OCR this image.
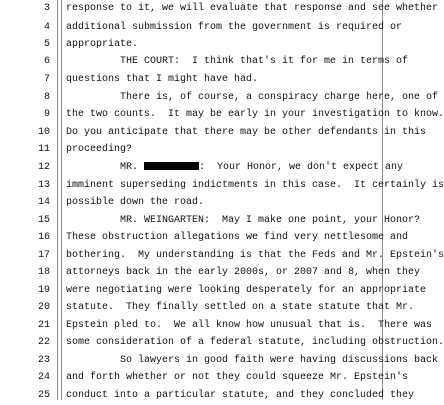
3 response to it, we will evaluate that response and see whether
4 additional submission from the government is required or
5 appropriate.
6 THE COURT:  I think that's it for me in terms of
7 questions that I might have had.
8 There is, of course, a conspiracy charge here, one of
9 the two counts.  It may be early in your investigation to know.
10 Do you anticipate that there may be other defendants in this
11 proceeding?
12 MR.	:  Your Honor, we don't expect any
13 imminent superseding indictments in this case.  It certainly is
14 possible down the road.
15 MR. WEINGARTEN:  May I make one point, your Honor?
16 These obstruction allegations we find very nettlesome and
17 bothering.  My understanding is that the Feds and Mr. Epstein's
18 attorneys back in the early 2000s, or 2007 and 8, when they
19 were negotiating were looking desperately for an appropriate
20 statute.  They finally settled on a state statute that Mr.
21 Epstein pled to.  We all know how unusual that is.  There was
22 some consideration of a federal statute, including obstruction.
23 So lawyers in good faith were having discussions back
24 and forth whether or not they could squeeze Mr. Epstein's
25 conduct into a particular statute, and they concluded they
